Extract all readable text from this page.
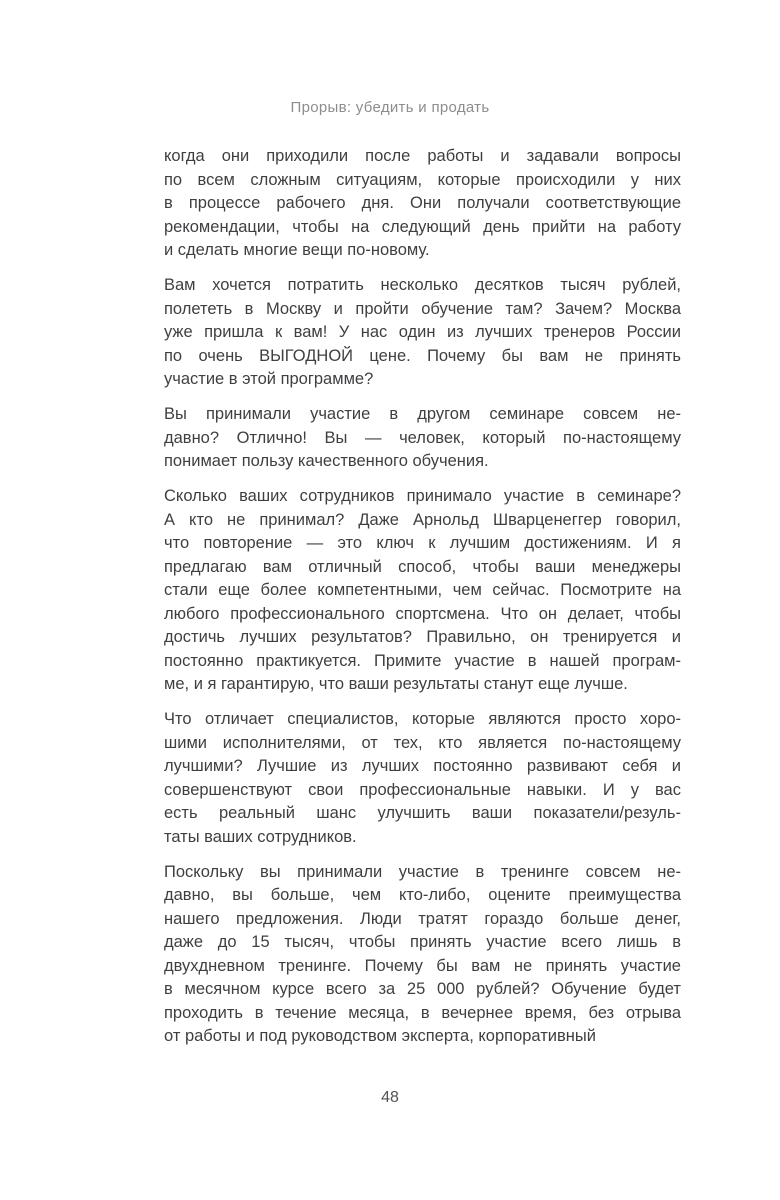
Прорыв: убедить и продать
когда они приходили после работы и задавали вопросы
по всем сложным ситуациям, которые происходили у них
в процессе рабочего дня. Они получали соответствующие
рекомендации, чтобы на следующий день прийти на работу
и сделать многие вещи по-новому.
Вам хочется потратить несколько десятков тысяч рублей,
полететь в Москву и пройти обучение там? Зачем? Москва
уже пришла к вам! У нас один из лучших тренеров России
по очень ВЫГОДНОЙ цене. Почему бы вам не принять
участие в этой программе?
Вы принимали участие в другом семинаре совсем не-
давно? Отлично! Вы — человек, который по-настоящему
понимает пользу качественного обучения.
Сколько ваших сотрудников принимало участие в семинаре?
А кто не принимал? Даже Арнольд Шварценеггер говорил,
что повторение — это ключ к лучшим достижениям. И я
предлагаю вам отличный способ, чтобы ваши менеджеры
стали еще более компетентными, чем сейчас. Посмотрите на
любого профессионального спортсмена. Что он делает, чтобы
достичь лучших результатов? Правильно, он тренируется и
постоянно практикуется. Примите участие в нашей програм-
ме, и я гарантирую, что ваши результаты станут еще лучше.
Что отличает специалистов, которые являются просто хоро-
шими исполнителями, от тех, кто является по-настоящему
лучшими? Лучшие из лучших постоянно развивают себя и
совершенствуют свои профессиональные навыки. И у вас
есть реальный шанс улучшить ваши показатели/резуль-
таты ваших сотрудников.
Поскольку вы принимали участие в тренинге совсем не-
давно, вы больше, чем кто-либо, оцените преимущества
нашего предложения. Люди тратят гораздо больше денег,
даже до 15 тысяч, чтобы принять участие всего лишь в
двухдневном тренинге. Почему бы вам не принять участие
в месячном курсе всего за 25 000 рублей? Обучение будет
проходить в течение месяца, в вечернее время, без отрыва
от работы и под руководством эксперта, корпоративный
48
